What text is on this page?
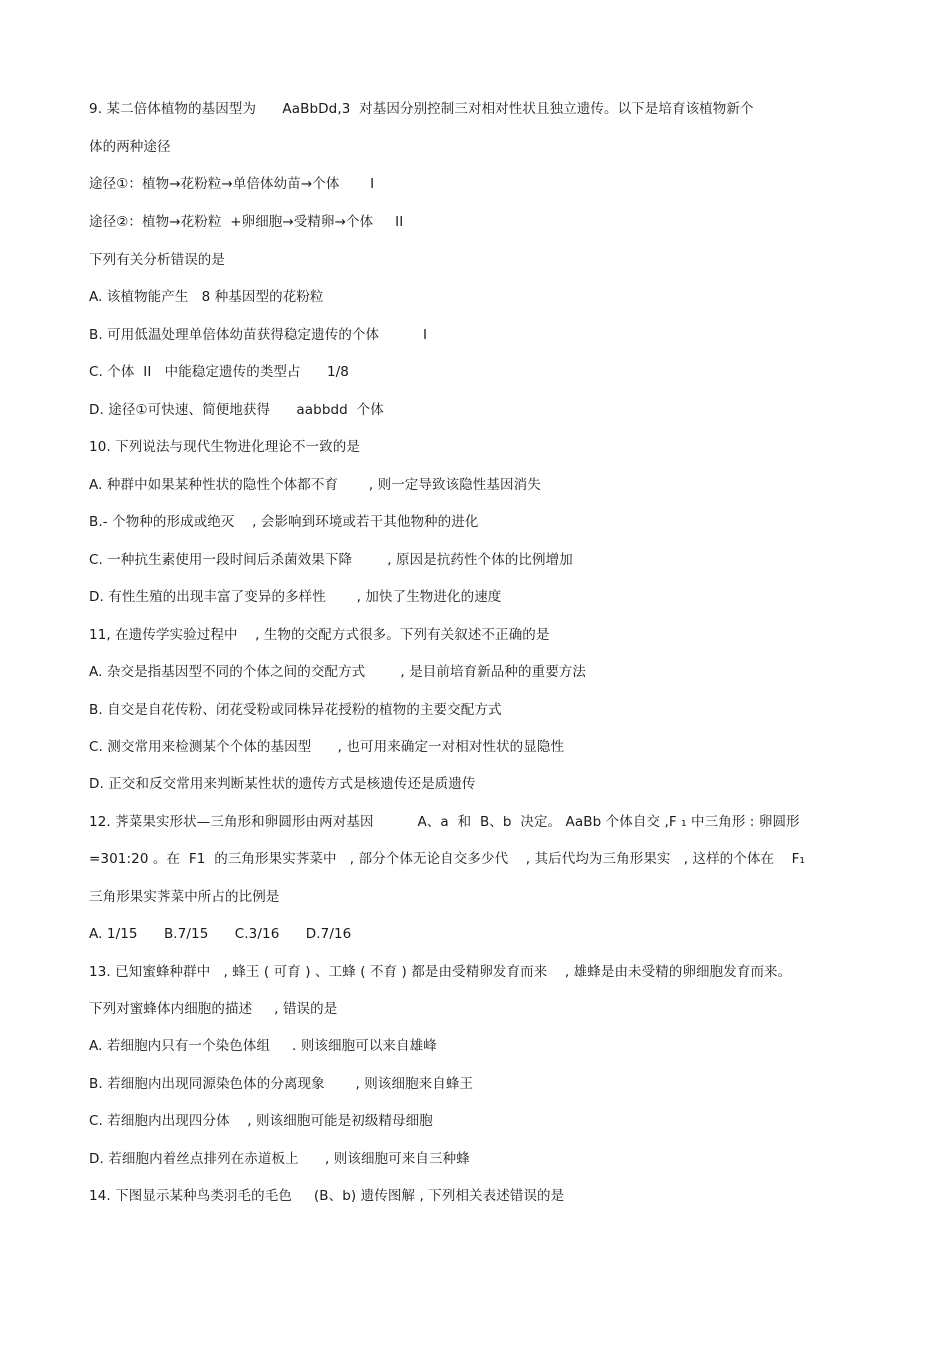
9. 某二倍体植物的基因型为      AaBbDd,3  对基因分别控制三对相对性状且独立遗传。以下是培育该植物新个
体的两种途径
途径①：植物→花粉粒→单倍体幼苗→个体       I
途径②：植物→花粉粒  +卵细胞→受精卵→个体     II
下列有关分析错误的是
A. 该植物能产生   8 种基因型的花粉粒
B. 可用低温处理单倍体幼苗获得稳定遗传的个体          I
C. 个体  II   中能稳定遗传的类型占      1/8
D. 途径①可快速、简便地获得      aabbdd  个体
10. 下列说法与现代生物进化理论不一致的是
A. 种群中如果某种性状的隐性个体都不育       , 则一定导致该隐性基因消失
B.- 个物种的形成或绝灭    , 会影响到环境或若干其他物种的进化
C. 一种抗生素使用一段时间后杀菌效果下降        , 原因是抗药性个体的比例增加
D. 有性生殖的出现丰富了变异的多样性       , 加快了生物进化的速度
11, 在遗传学实验过程中    , 生物的交配方式很多。下列有关叙述不正确的是
A. 杂交是指基因型不同的个体之间的交配方式        , 是目前培育新品种的重要方法
B. 自交是自花传粉、闭花受粉或同株异花授粉的植物的主要交配方式
C. 测交常用来检测某个个体的基因型      , 也可用来确定一对相对性状的显隐性
D. 正交和反交常用来判断某性状的遗传方式是核遗传还是质遗传
12. 荠菜果实形状—三角形和卵圆形由两对基因          A、a  和  B、b  决定。 AaBb 个体自交 ,F ₁ 中三角形 : 卵圆形
=301:20 。在  F1  的三角形果实荠菜中   , 部分个体无论自交多少代    , 其后代均为三角形果实   , 这样的个体在    F₁
三角形果实荠菜中所占的比例是
A. 1/15      B.7/15      C.3/16      D.7/16
13. 已知蜜蜂种群中   , 蜂王 ( 可育 ) 、工蜂 ( 不育 ) 都是由受精卵发育而来    , 雄蜂是由未受精的卵细胞发育而来。
下列对蜜蜂体内细胞的描述     , 错误的是
A. 若细胞内只有一个染色体组     . 则该细胞可以来自雄峰
B. 若细胞内出现同源染色体的分离现象       , 则该细胞来自蜂王
C. 若细胞内出现四分体    , 则该细胞可能是初级精母细胞
D. 若细胞内着丝点排列在赤道板上      , 则该细胞可来自三种蜂
14. 下图显示某种鸟类羽毛的毛色     (B、b) 遗传图解 , 下列相关表述错误的是
